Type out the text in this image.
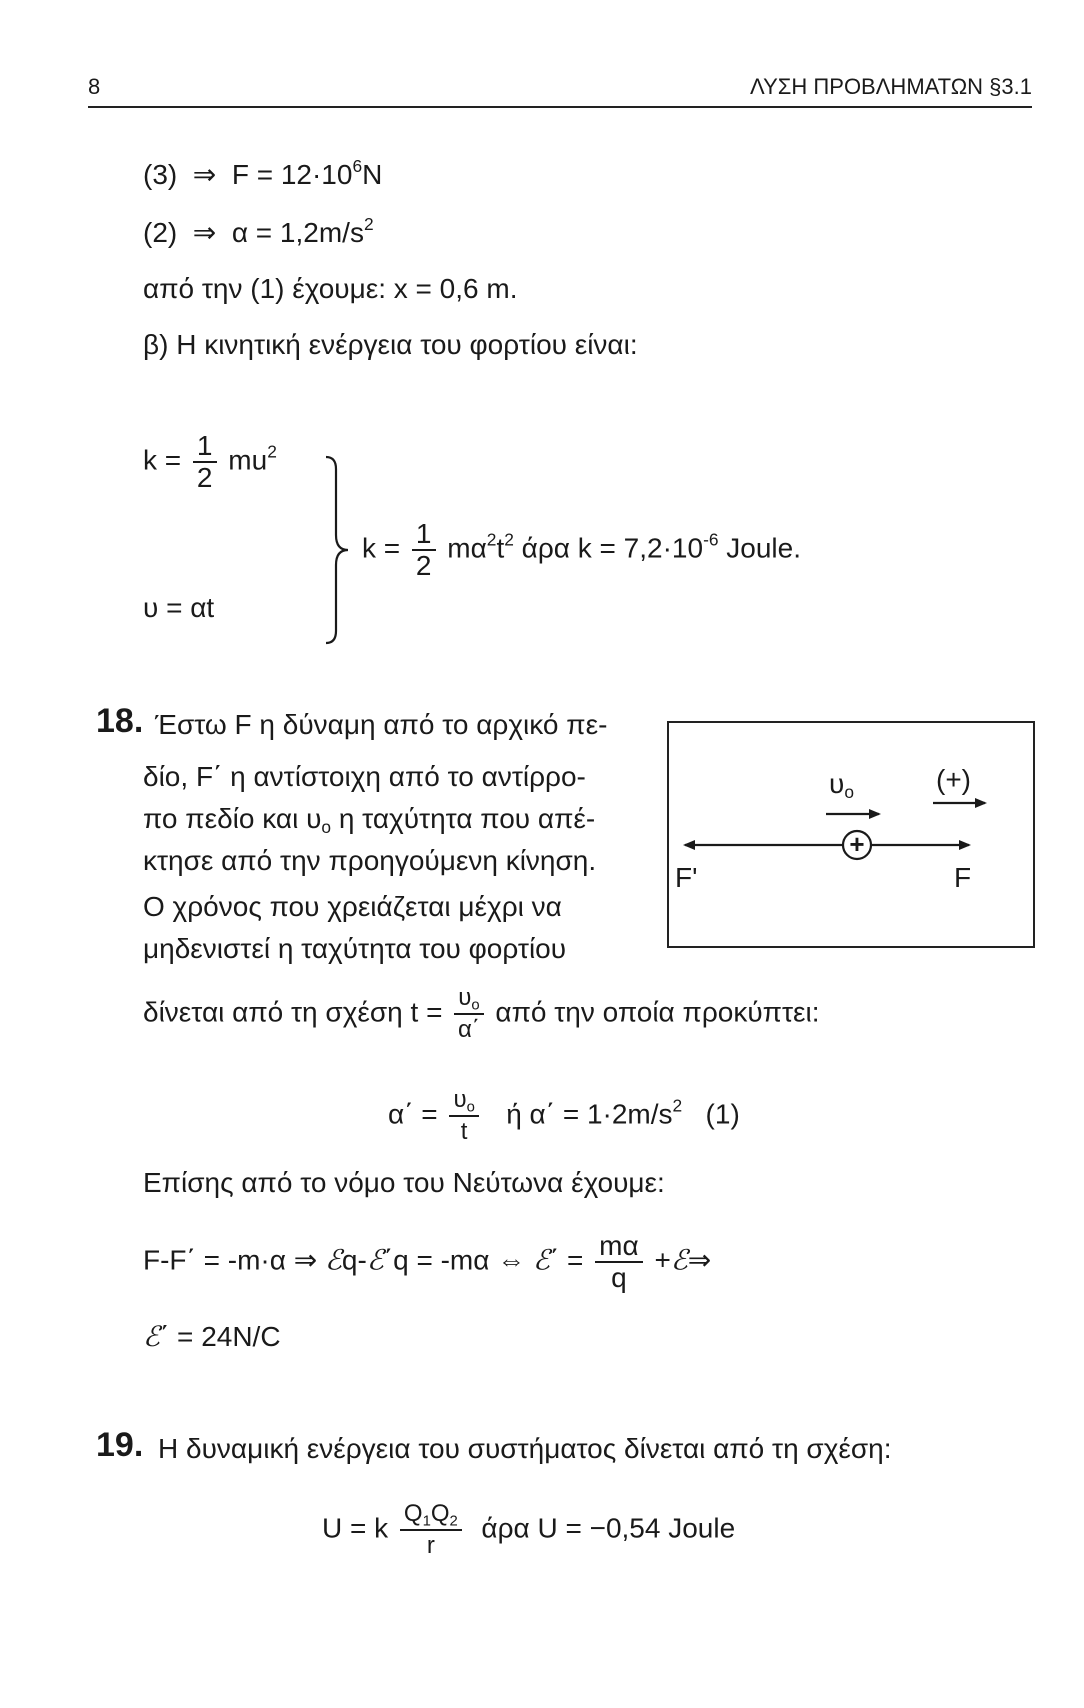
8	ΛΥΣΗ ΠΡΟΒΛΗΜΑΤΩΝ §3.1
(3) ⇒ $F = 12\cdot 10^6N$
(2) ⇒ $\alpha = 1,2m/s^2$
από την (1) έχουμε: x = 0,6 m.
β) Η κινητική ενέργεια του φορτίου είναι:
$k = \frac{1}{2} mu^2$
υ = αt
$k = \frac{1}{2} m\alpha^2t^2$ άρα $k = 7,2\cdot 10^{-6}$ Joule.
18. Έστω F η δύναμη από το αρχικό πε-
δίο, F΄ η αντίστοιχη από το αντίρρο-
πο πεδίο και $\upsilon_o$ η ταχύτητα που απέ-
κτησε από την προηγούμενη κίνηση.
Ο χρόνος που χρειάζεται μέχρι να
μηδενιστεί η ταχύτητα του φορτίου
δίνεται από τη σχέση $t = \frac{\upsilon_o}{\alpha΄}$ από την οποία προκύπτει:
$\upsilon_o$	(+)
+
F'	F
$\alpha΄ = \frac{\upsilon_o}{t}$ ή $\alpha΄ = 1\cdot 2m/s^2$ (1)
Επίσης από το νόμο του Νεύτωνα έχουμε:
F-F΄ = -m·α ⇒ ℰq-ℰ΄q = -mα ⇔ ℰ΄ = $\frac{m\alpha}{q}$ +ℰ⇒
ℰ΄ = 24N/C
19. Η δυναμική ενέργεια του συστήματος δίνεται από τη σχέση:
U = k $\frac{Q_1Q_2}{r}$ άρα U = −0,54 Joule
